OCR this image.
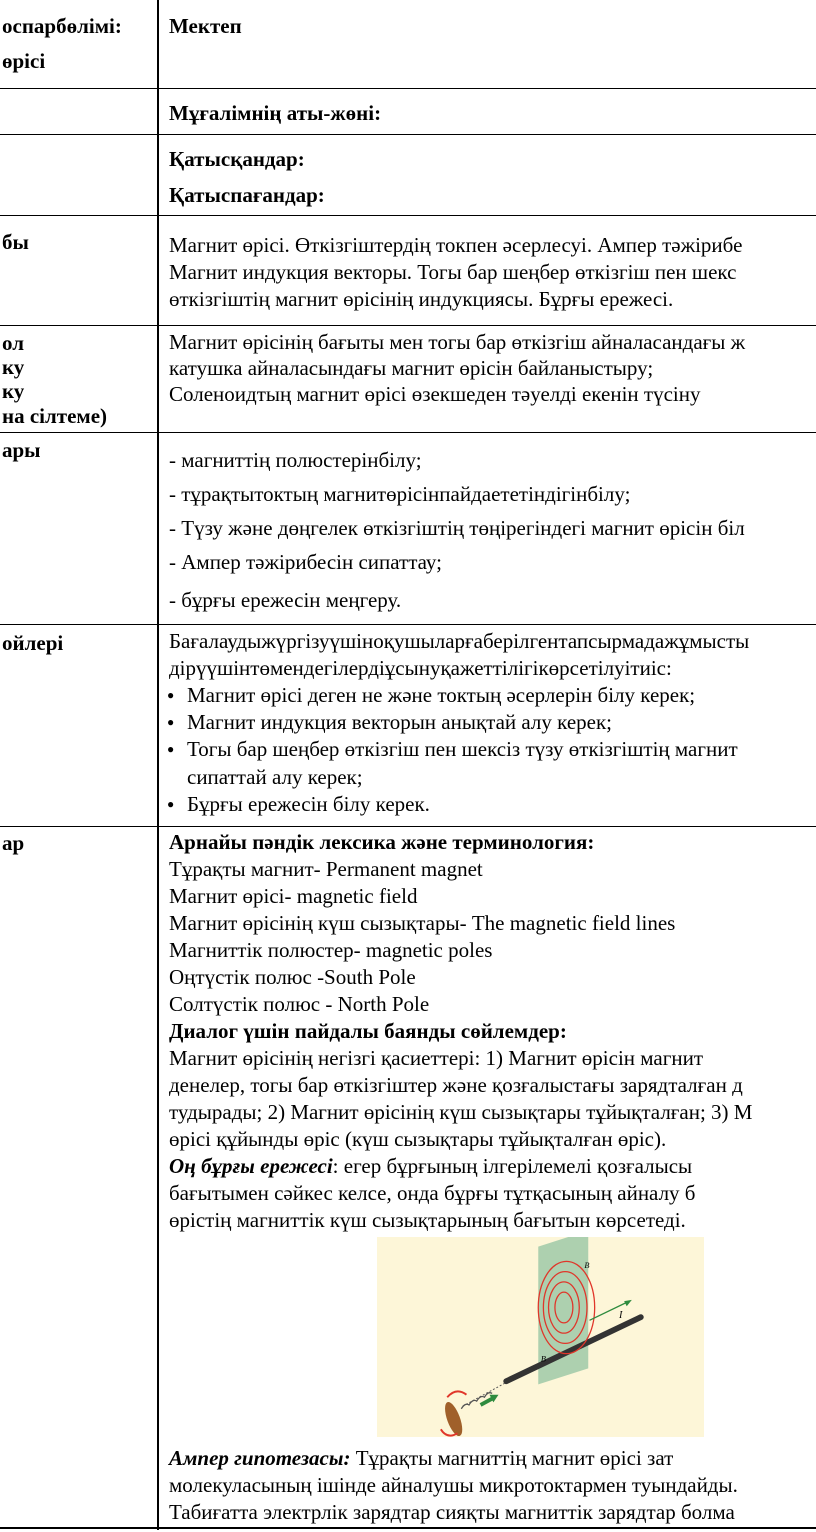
оспарбөлімі:
өрісі
бы
ол
ку
ку
на сілтеме)
ары
ойлері
ар
Мектеп
Мұғалімнің аты-жөні:
Қатысқандар:
Қатыспағандар:
Магнит өрісі. Өткізгіштердің токпен әсерлесуі. Ампер тәжірибе
Магнит индукция векторы. Тогы бар шеңбер өткізгіш пен шекс
өткізгіштің магнит өрісінің индукциясы. Бұрғы ережесі.
Магнит өрісінің бағыты мен тогы бар өткізгіш айналасандағы ж
катушка айналасындағы магнит өрісін байланыстыру;
Соленоидтың магнит өрісі өзекшеден тәуелді екенін түсіну
- магниттің полюстерінбілу;
- тұрақтытоктың магнитөрісінпайдаететіндігінбілу;
- Түзу және дөңгелек өткізгіштің төңірегіндегі магнит өрісін біл
- Ампер тәжірибесін сипаттау;
- бұрғы ережесін меңгеру.
Бағалаудыжүргізуүшіноқушыларғаберілгентапсырмадажұмысты
дірүүшінтөмендегілердіұсынуқажеттілігікөрсетілуітиіс:
● Магнит өрісі деген не және токтың әсерлерін білу керек;
● Магнит индукция векторын анықтай алу керек;
● Тогы бар шеңбер өткізгіш пен шексіз түзу өткізгіштің магнит
сипаттай алу керек;
● Бұрғы ережесін білу керек.
Арнайы пәндік лексика және терминология:
Тұрақты магнит- Permanent magnet
Магнит өрісі- magnetic field
Магнит өрісінің күш сызықтары- The magnetic field lines
Магниттік полюстер- magnetic poles
Оңтүстік полюс -South Pole
Солтүстік полюс - North Pole
Диалог үшін пайдалы баянды сөйлемдер:
Магнит өрісінің негізгі қасиеттері: 1) Магнит өрісін магнит
денелер, тогы бар өткізгіштер және қозғалыстағы зарядталған д
тудырады; 2) Магнит өрісінің күш сызықтары тұйықталған; 3) М
өрісі құйынды өріс (күш сызықтары тұйықталған өріс).
I
B
B
Оң бұрғы ережесі: егер бұрғының ілгерілемелі қозғалысы
Ампер гипотезасы: Тұрақты магниттің магнит өрісі зат
молекуласының ішінде айналушы микротоктармен туындайды.
Табиғатта электрлік зарядтар сияқты магниттік зарядтар болма
бағытымен сәйкес келсе, онда бұрғы тұтқасының айналу б
өрістің магниттік күш сызықтарының бағытын көрсетеді.
